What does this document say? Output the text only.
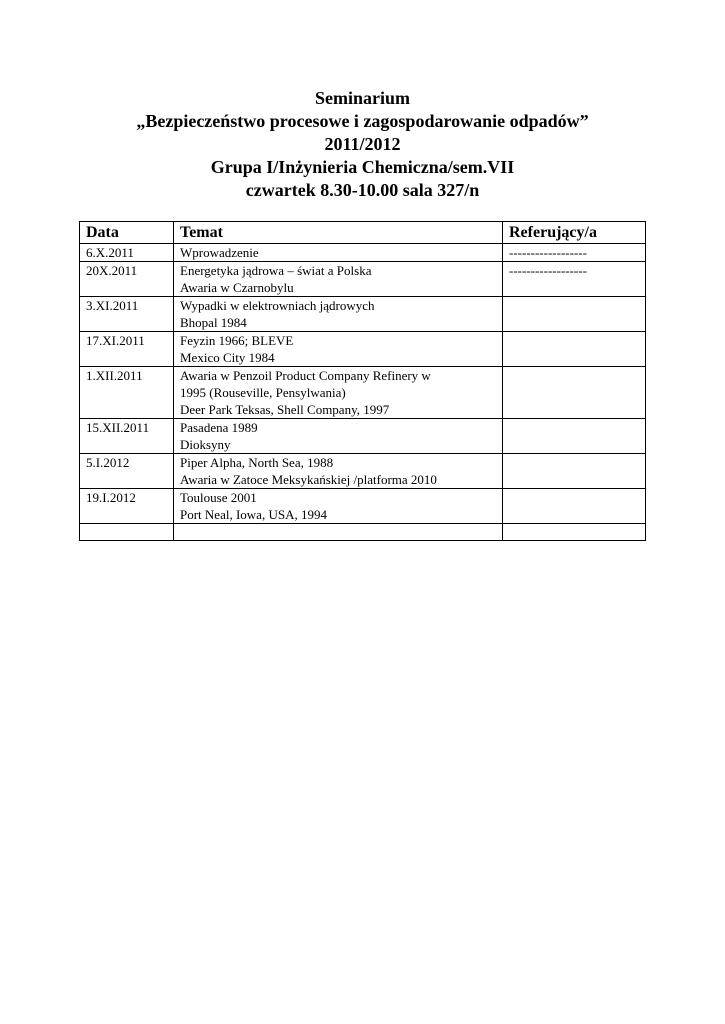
Seminarium
„Bezpieczeństwo procesowe i zagospodarowanie odpadów”
2011/2012
Grupa I/Inżynieria Chemiczna/sem.VII
czwartek 8.30-10.00 sala 327/n
Data	Temat	Referujący/a
6.X.2011	Wprowadzenie	------------------
20X.2011	Energetyka jądrowa – świat a Polska
Awaria w Czarnobylu	------------------
3.XI.2011	Wypadki w elektrowniach jądrowych
Bhopal 1984	

17.XI.2011	Feyzin 1966; BLEVE
Mexico City 1984	

1.XII.2011	Awaria w Penzoil Product Company Refinery w
1995 (Rouseville, Pensylwania)
Deer Park Teksas, Shell Company, 1997	

15.XII.2011	Pasadena 1989
Dioksyny	

5.I.2012	Piper Alpha, North Sea, 1988
Awaria w Zatoce Meksykańskiej /platforma 2010	

19.I.2012	Toulouse 2001
Port Neal, Iowa, USA, 1994	
